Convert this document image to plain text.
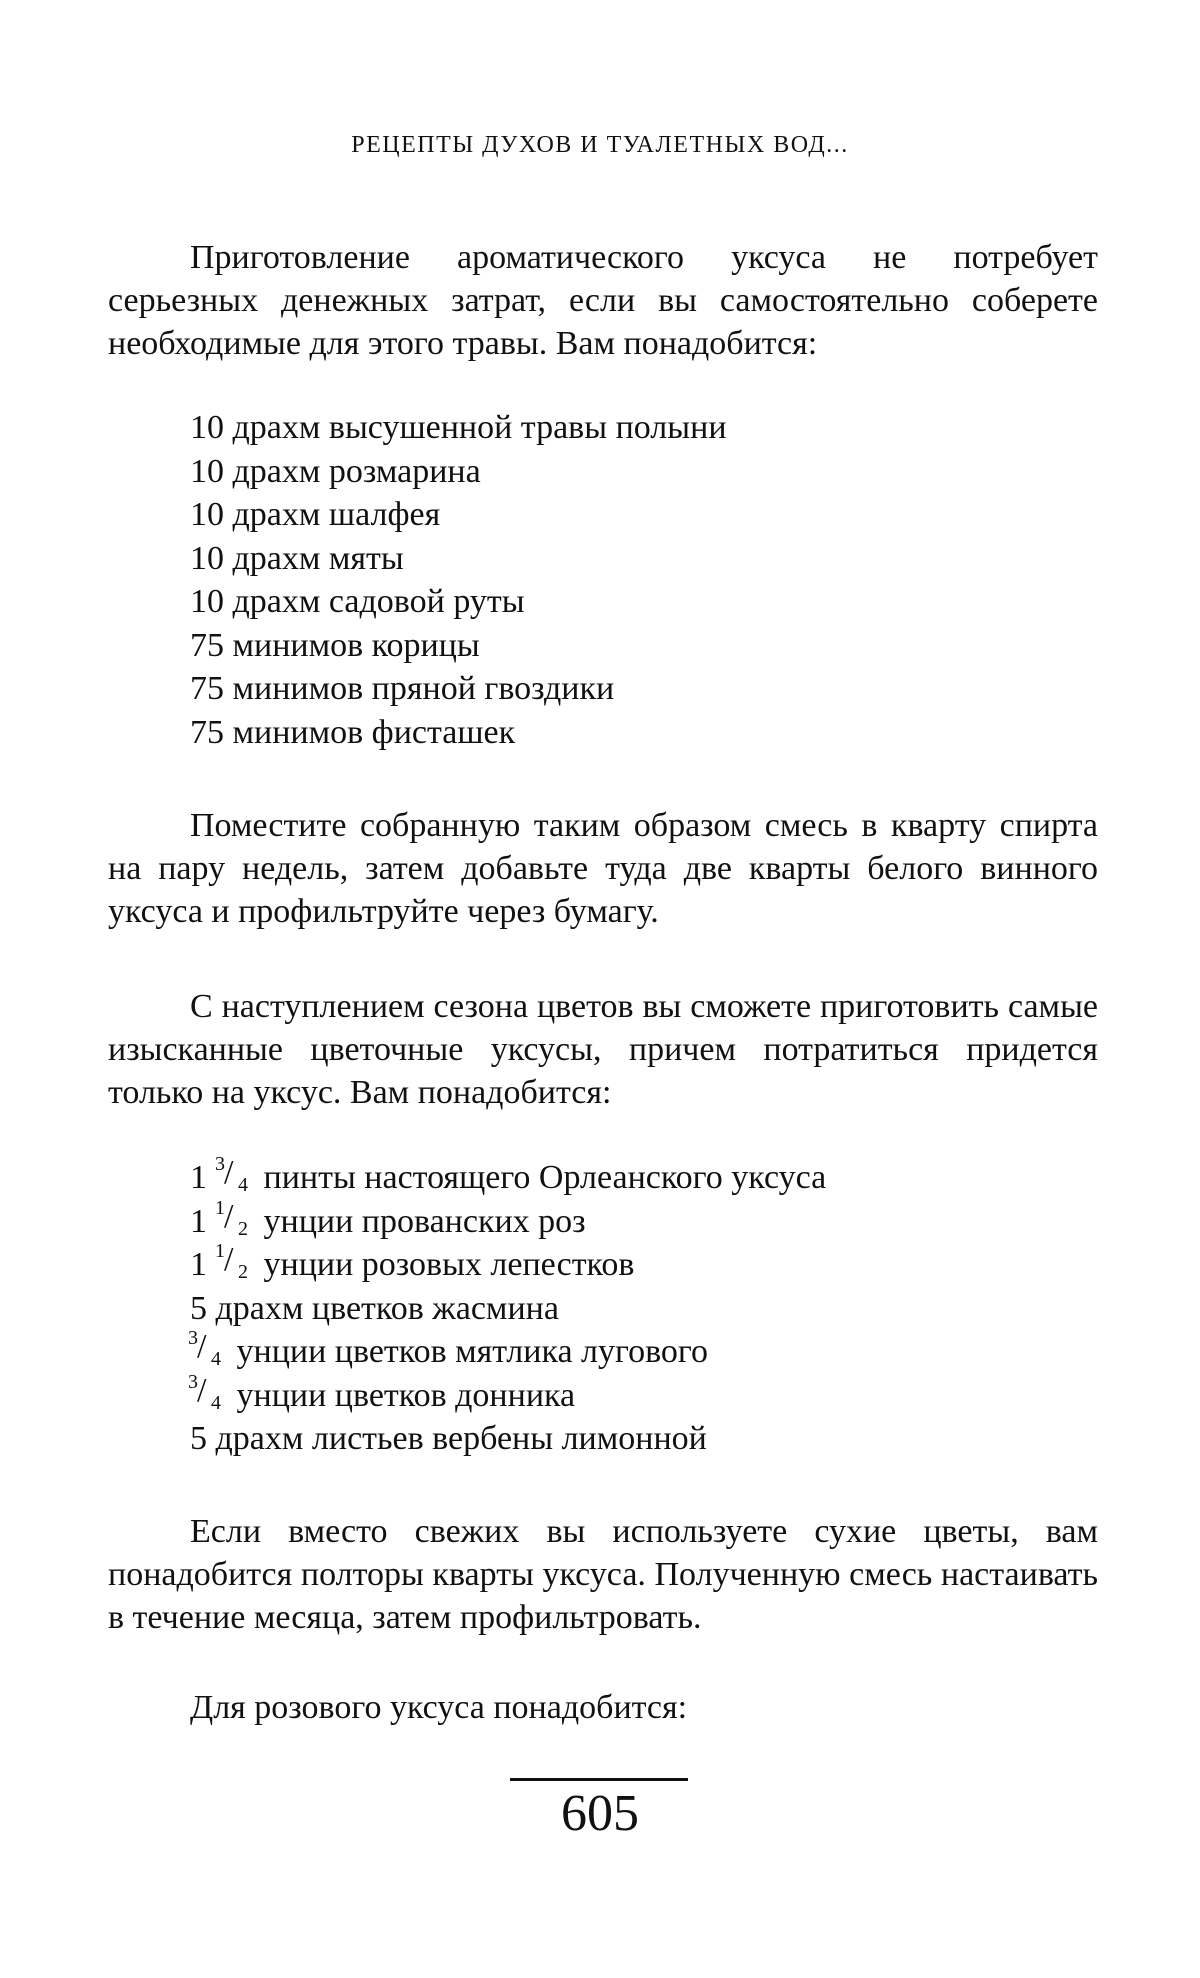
РЕЦЕПТЫ ДУХОВ И ТУАЛЕТНЫХ ВОД...

Приготовление ароматического уксуса не потребует серьезных денежных затрат, если вы самостоятельно соберете необходимые для этого травы. Вам понадобится:

10 драхм высушенной травы полыни
10 драхм розмарина
10 драхм шалфея
10 драхм мяты
10 драхм садовой руты
75 минимов корицы
75 минимов пряной гвоздики
75 минимов фисташек

Поместите собранную таким образом смесь в кварту спирта на пару недель, затем добавьте туда две кварты белого винного уксуса и профильтруйте через бумагу.

С наступлением сезона цветов вы сможете приготовить самые изысканные цветочные уксусы, причем потратиться придется только на уксус. Вам понадобится:

1 3 / 4 пинты настоящего Орлеанского уксуса
1 1 / 2 унции прованских роз
1 1 / 2 унции розовых лепестков
5 драхм цветков жасмина
3 / 4 унции цветков мятлика лугового
3 / 4 унции цветков донника
5 драхм листьев вербены лимонной

Если вместо свежих вы используете сухие цветы, вам понадобится полторы кварты уксуса. Полученную смесь настаивать в течение месяца, затем профильтровать.

Для розового уксуса понадобится:

605
